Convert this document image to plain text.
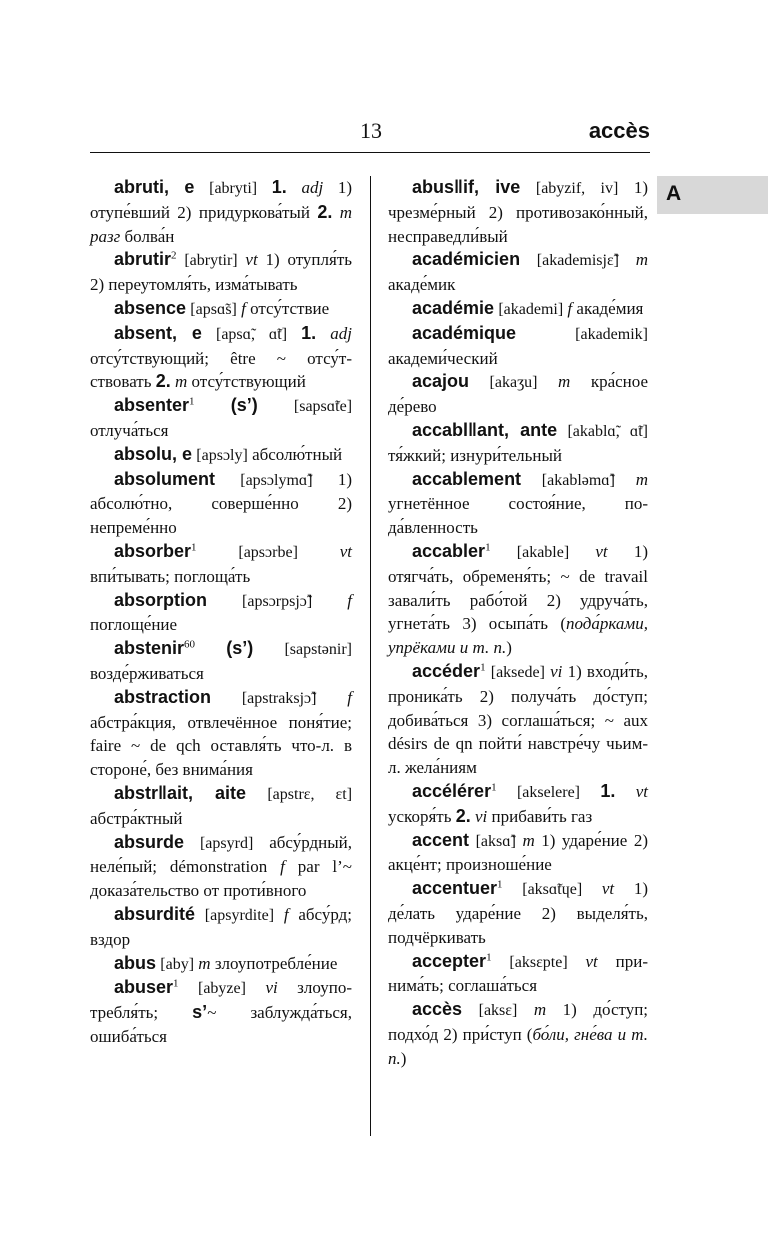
13	accès
A

abruti, e [abryti] 1. adj 1) отупе́вший 2) придуркова́тый 2. m разг болва́н

abrutir$^2$ [abrytir] vt 1) отупля́ть 2) переутомля́ть, изма́тывать

absence [apsɑ̃s] f отсу́тствие

absent, e [apsɑ̃, ɑ̃t] 1. adj отсу́тствующий; être ~ отсу́тствовать 2. m отсу́тствующий

absenter$^1$ (s’) [sapsɑ̃te] отлуча́ться

absolu, e [apsɔly] абсолю́тный

absolument [apsɔlymɑ̃] 1) абсолю́тно, соверше́нно 2) непреме́нно

absorber$^1$	[apsɔrbe] vt впи́тывать; поглоща́ть

absorption [apsɔrpsjɔ̃] f поглоще́ние

abstenir$^{60}$ (s’) [sapstənir] возде́рживаться

abstraction [apstraksjɔ̃] f абстра́кция, отвлечённое поня́тие; faire ~ de qch оставля́ть что-л. в стороне́, без внима́ния

abstr‖ait, aite [apstrɛ, ɛt] абстра́ктный

absurde [apsyrd] абсу́рдный, неле́пый; démonstration f par l’~ доказа́тельство от проти́вного

absurdité [apsyrdite] f абсу́рд; вздор

abus [aby] m злоупотребле́ние

abuser$^1$ [abyze] vi злоупотребля́ть; s’~ заблужда́ться, ошиба́ться

abus‖if, ive [abyzif, iv] 1) чрезме́рный 2) противозако́нный, несправедли́вый

académicien [akademisjɛ̃] m акаде́мик

académie [akademi] f акаде́мия

académique	[akademik] академи́ческий

acajou [akaʒu] m кра́сное де́рево

accabl‖ant, ante [akablɑ̃, ɑ̃t] тя́жкий; изнури́тельный

accablement [akabləmɑ̃] m угнетённое состоя́ние, пода́вленность

accabler$^1$ [akable] vt 1) отягча́ть, обременя́ть; ~ de travail завали́ть рабо́той 2) удруча́ть, угнета́ть 3) осыпа́ть (пода́рками, упрёками и т. п.)

accéder$^1$ [aksede] vi 1) входи́ть, проника́ть 2) получа́ть до́ступ; добива́ться 3) соглаша́ться; ~ aux désirs de qn пойти́ навстре́чу чьим-л. жела́ниям

accélérer$^1$ [akselere] 1. vt ускоря́ть 2. vi прибави́ть газ

accent [aksɑ̃] m 1) ударе́ние 2) акце́нт; произноше́ние

accentuer$^1$ [aksɑ̃tɥe] vt 1) де́лать ударе́ние 2) выделя́ть, подчёркивать

accepter$^1$ [aksɛpte] vt принима́ть; соглаша́ться

accès [aksɛ] m 1) до́ступ; подхо́д 2) при́ступ (бо́ли, гне́ва и т. п.)
